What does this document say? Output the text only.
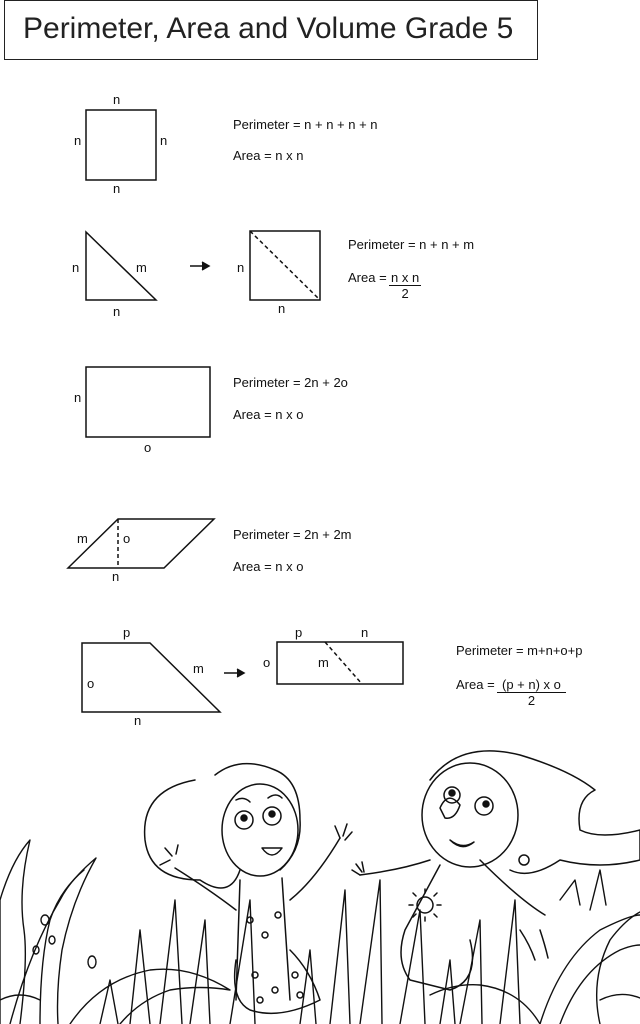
Perimeter, Area and Volume Grade 5
n
n	n
n
Perimeter = n + n + n + n
Area = n x n
n	m
n
n
n
Perimeter = n + n + m
Area = $\frac{\text{n x n}}{2}$
n
o
Perimeter = 2n + 2o
Area = n x o
m	o
n
Perimeter = 2n + 2m
Area = n x o
p
m
o
n
p	n
o	m
Perimeter = m+n+o+p
Area = $\frac{\text{(p + n) x o}}{2}$
